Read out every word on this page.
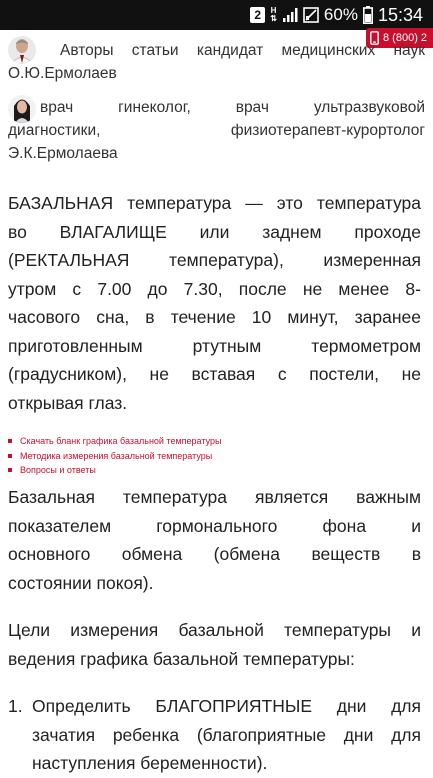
2	H
⇅	60% 15:34
8 (800) 2
Авторы статьи кандидат медицинских наук
О.Ю.Ермолаев
врач гинеколог, врач ультразвуковой
диагностики, физиотерапевт-курортолог
Э.К.Ермолаева
БАЗАЛЬНАЯ температура — это температура
во ВЛАГАЛИЩЕ или заднем проходе
(РЕКТАЛЬНАЯ температура), измеренная
утром с 7.00 до 7.30, после не менее 8-
часового сна, в течение 10 минут, заранее
приготовленным ртутным термометром
(градусником), не вставая с постели, не
открывая глаз.
Скачать бланк графика базальной температуры
Методика измерения базальной температуры
Вопросы и ответы
Базальная температура является важным
показателем гормонального фона и
основного обмена (обмена веществ в
состоянии покоя).
Цели измерения базальной температуры и
ведения графика базальной температуры:
1. Определить БЛАГОПРИЯТНЫЕ дни для
зачатия ребенка (благоприятные дни для
наступления беременности).
